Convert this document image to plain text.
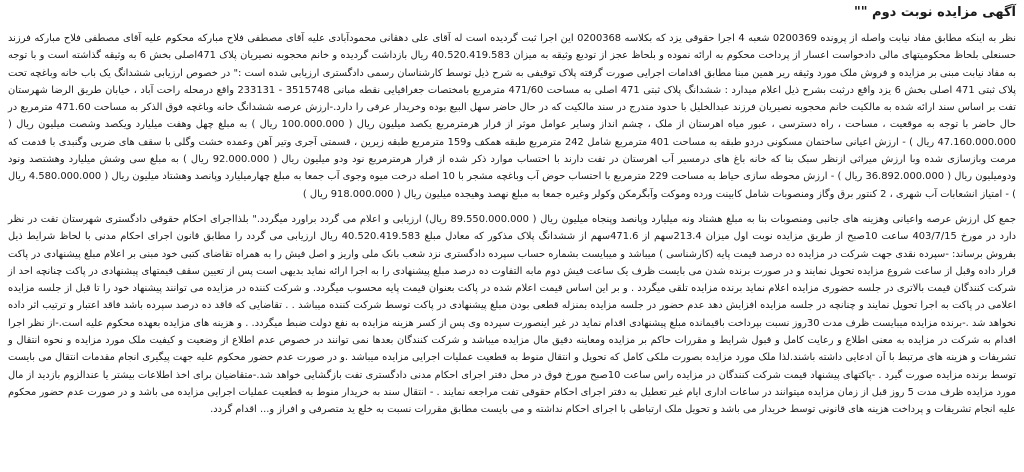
آگهی مزایده نوبت دوم ""

نظر به اینکه مطابق مفاد نیابت واصله از پرونده 0200369 شعبه 4 اجرا حقوقی یزد که بکلاسه 0200368 این اجرا ثبت گردیده است له آقای علی دهقانی محمودآبادی علیه آقای مصطفی فلاح مبارکه محکوم علیه آقای مصطفی فلاح مبارکه فرزند حسنعلی بلحاظ محکومیتهای مالی دادخواست اعسار از پرداخت محکوم به ارائه نموده و بلحاظ عجز از تودیع وثیقه به میزان 40.520.419.583 ریال بازداشت گردیده و خانم محجوبه نصیریان پلاک 471اصلی بخش 6 به وثیقه گذاشته است و با توجه به مفاد نیابت مبنی بر مزایده و فروش ملک مورد وثیقه ریر همین مبنا مطابق اقدامات اجرایی صورت گرفته پلاک توقیفی به شرح ذیل توسط کارشناسان رسمی دادگستری ارزیابی شده است :" در خصوص ارزیابی ششدانگ یک باب خانه وباغچه تحت پلاک ثبتی 471 اصلی بخش 6 یزد واقع درثبت بشرح ذیل اعلام میدارد : ششدانگ پلاک ثبتی 471 اصلی به مساحت 471/60 مترمربع بامختصات جغرافیایی نقطه مبانی 3515748 - 233131 واقع درمحله راحت آباد ، خیابان طریق الرضا شهرستان تفت بر اساس سند ارائه شده به مالکیت خانم محجوبه نصیریان فرزند عبدالخلیل با حدود مندرج در سند مالکیت که در حال حاضر سهل البیع بوده وخریدار عرفی را دارد.-ارزش عرصه ششدانگ خانه وباغچه فوق الذکر به مساحت 471.60 مترمربع در حال حاضر با توجه به موقعیت ، مساحت ، راه دسترسی ، عبور میاه اهرستان از ملک ، چشم انداز وسایر عوامل موثر از قرار هرمترمربع یکصد میلیون ریال ( 100.000.000 ریال ) به مبلغ چهل وهفت میلیارد ویکصد وشصت میلیون ریال ( 47.160.000.000 ریال ) - ارزش اعیانی ساختمان مسکونی دردو طبقه به مساحت 401 مترمربع شامل 242 مترمربع طبقه همکف و159 مترمربع طبقه زیرین ، قسمتی آجری وتیر آهن وعمده خشت وگلی با سقف های ضربی وگنبدی با قدمت که مرمت وبازسازی شده وبا ارزش میراثی ازنظر سبک بنا که خانه باغ های درمسیر آب اهرستان در تفت دارند با احتساب موارد ذکر شده از قرار هرمترمربع نود ودو میلیون ریال ( 92.000.000 ریال ) به مبلغ سی وشش میلیارد وهشتصد ونود ودومیلیون ریال ( 36.892.000.000 ریال ) - ارزش محوطه سازی حیاط به مساحت 229 مترمربع با احتساب حوض آب وباغچه مشجر با 10 اصله درخت میوه وجوی آب جمعا به مبلغ چهارمیلیارد وپانصد وهشتاد میلیون ریال ( 4.580.000.000 ریال ) - امتیاز انشعابات آب شهری ، 2 کنتور برق وگاز ومنصوبات شامل کابینت ورده وموکت وآبگرمکن وکولر وغیره جمعا به مبلغ نهصد وهیجده میلیون ریال ( 918.000.000 ریال )

جمع کل ارزش عرصه واعیانی وهزینه های جانبی ومنصوبات بنا به مبلغ هشتاد ونه میلیارد وپانصد وپنجاه میلیون ریال ( 89.550.000.000 ریال) ارزیابی و اعلام می گردد براورد میگردد." بلذااجرای احکام حقوقی دادگستری شهرستان تفت در نظر دارد در مورخ 403/7/15 ساعت 10صبح از طریق مزایده نوبت اول میزان 213.4سهم از 471.6سهم از ششدانگ پلاک مذکور که معادل مبلغ 40.520.419.583 ریال ارزیابی می گردد را مطابق قانون اجرای احکام مدنی با لحاظ شرایط ذیل بفروش برساند: -سپرده نقدی جهت شرکت در مزایده ده درصد قیمت پایه (کارشناسی ) میباشد و میبایست بشماره حساب سپرده دادگستری نزد شعب بانک ملی واریز و اصل فیش را به همراه تقاضای کتبی خود مبنی بر اعلام مبلغ پیشنهادی در پاکت قرار داده وقبل از ساعت شروع مزایده تحویل نمایند و در صورت برنده شدن می بایست ظرف یک ساعت فیش دوم مابه التفاوت ده درصد مبلغ پیشنهادی را به اجرا ارائه نماید بدیهی است پس از تعیین سقف قیمتهای پیشنهادی در پاکت چنانچه احد از شرکت کنندگان قیمت بالاتری در جلسه حضوری مزایده اعلام نماید برنده مزایده تلقی میگردد . و بر این اساس قیمت اعلام شده در پاکت بعنوان قیمت پایه محسوب میگردد. و شرکت کننده در مزایده می توانند پیشنهاد خود را تا قبل از جلسه مزایده اعلامی در پاکت به اجرا تحویل نمایند و چنانچه در جلسه مزایده افزایش دهد عدم حضور در جلسه مزایده بمنزله قطعی بودن مبلغ پیشنهادی در پاکت توسط شرکت کننده میباشد . . تقاضایی که فاقد ده درصد سپرده باشد فاقد اعتبار و ترتیب اثر داده نخواهد شد .-برنده مزایده میبایست ظرف مدت 30روز نسبت بپرداخت باقیمانده مبلغ پیشنهادی اقدام نماید در غیر اینصورت سپرده وی پس از کسر هزینه مزایده به نفع دولت ضبط میگردد. . و هزینه های مزایده بعهده محکوم علیه است.-از نظر اجرا اقدام به شرکت در مزایده به معنی اطلاع و رعایت کامل و قبول شرایط و مقررات حاکم بر مزایده ومعاینه دقیق مال مزایده میباشد و شرکت کنندگان بعدها نمی توانند در خصوص عدم اطلاع از وضعیت و کیفیت ملک مورد مزایده و نحوه انتقال و تشریفات و هزینه های مرتبط با آن ادعایی داشته باشند.لذا ملک مورد مزایده بصورت ملکی کامل که تحویل و انتقال منوط به قطعیت عملیات اجرایی مزایده میباشد .و در صورت عدم حضور محکوم علیه جهت پیگیری انجام مقدمات انتقال می بایست توسط برنده مزایده صورت گیرد . -پاکتهای پیشنهاد قیمت شرکت کنندگان در مزایده راس ساعت 10صبح مورخ فوق در محل دفتر اجرای احکام مدنی دادگستری تفت بازگشایی خواهد شد.-متقاضیان برای اخذ اطلاعات بیشتر یا عندالزوم بازدید از مال مورد مزایده ظرف مدت 5 روز قبل از زمان مزایده میتوانند در ساعات اداری ایام غیر تعطیل به دفتر اجرای احکام حقوقی تفت مراجعه نمایند . - انتقال سند به خریدار منوط به قطعیت عملیات اجرایی مزایده می باشد و در صورت عدم حضور محکوم علیه انجام تشریفات و پرداخت هزینه های قانونی توسط خریدار می باشد و تحویل ملک ارتباطی با اجرای احکام نداشته و می بایست مطابق مقررات نسبت به خلع ید متصرفی و افراز و... اقدام گردد.
